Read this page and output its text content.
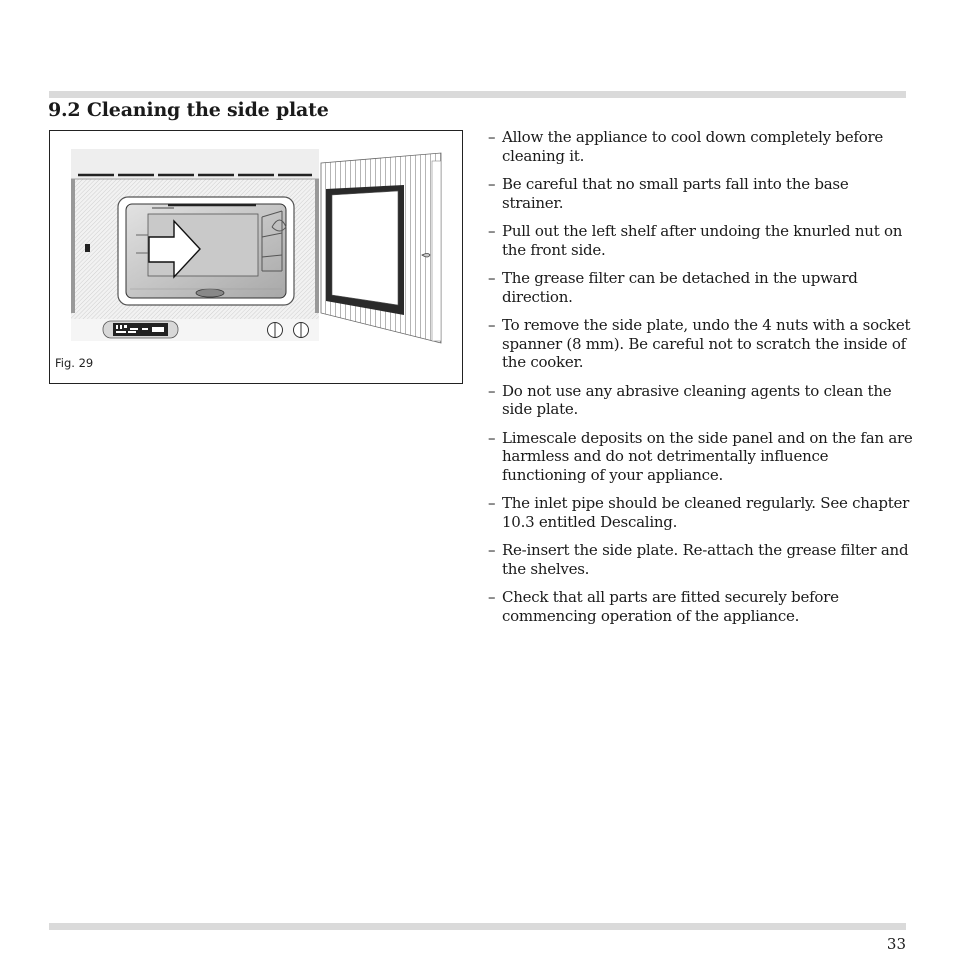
9.2 Cleaning the side plate
Fig. 29
– Allow the appliance to cool down completely before cleaning it.
– Be careful that no small parts fall into the base strainer.
– Pull out the left shelf after undoing the knurled nut on the front side.
– The grease filter can be detached in the upward direction.
– To remove the side plate, undo the 4 nuts with a socket spanner (8 mm). Be careful not to scratch the inside of the cooker.
– Do not use any abrasive cleaning agents to clean the side plate.
– Limescale deposits on the side panel and on the fan are harmless and do not detrimentally influence functioning of your appliance.
– The inlet pipe should be cleaned regularly. See chapter 10.3 entitled Descaling.
– Re-insert the side plate. Re-attach the grease filter and the shelves.
– Check that all parts are fitted securely before commencing operation of the appliance.
33
